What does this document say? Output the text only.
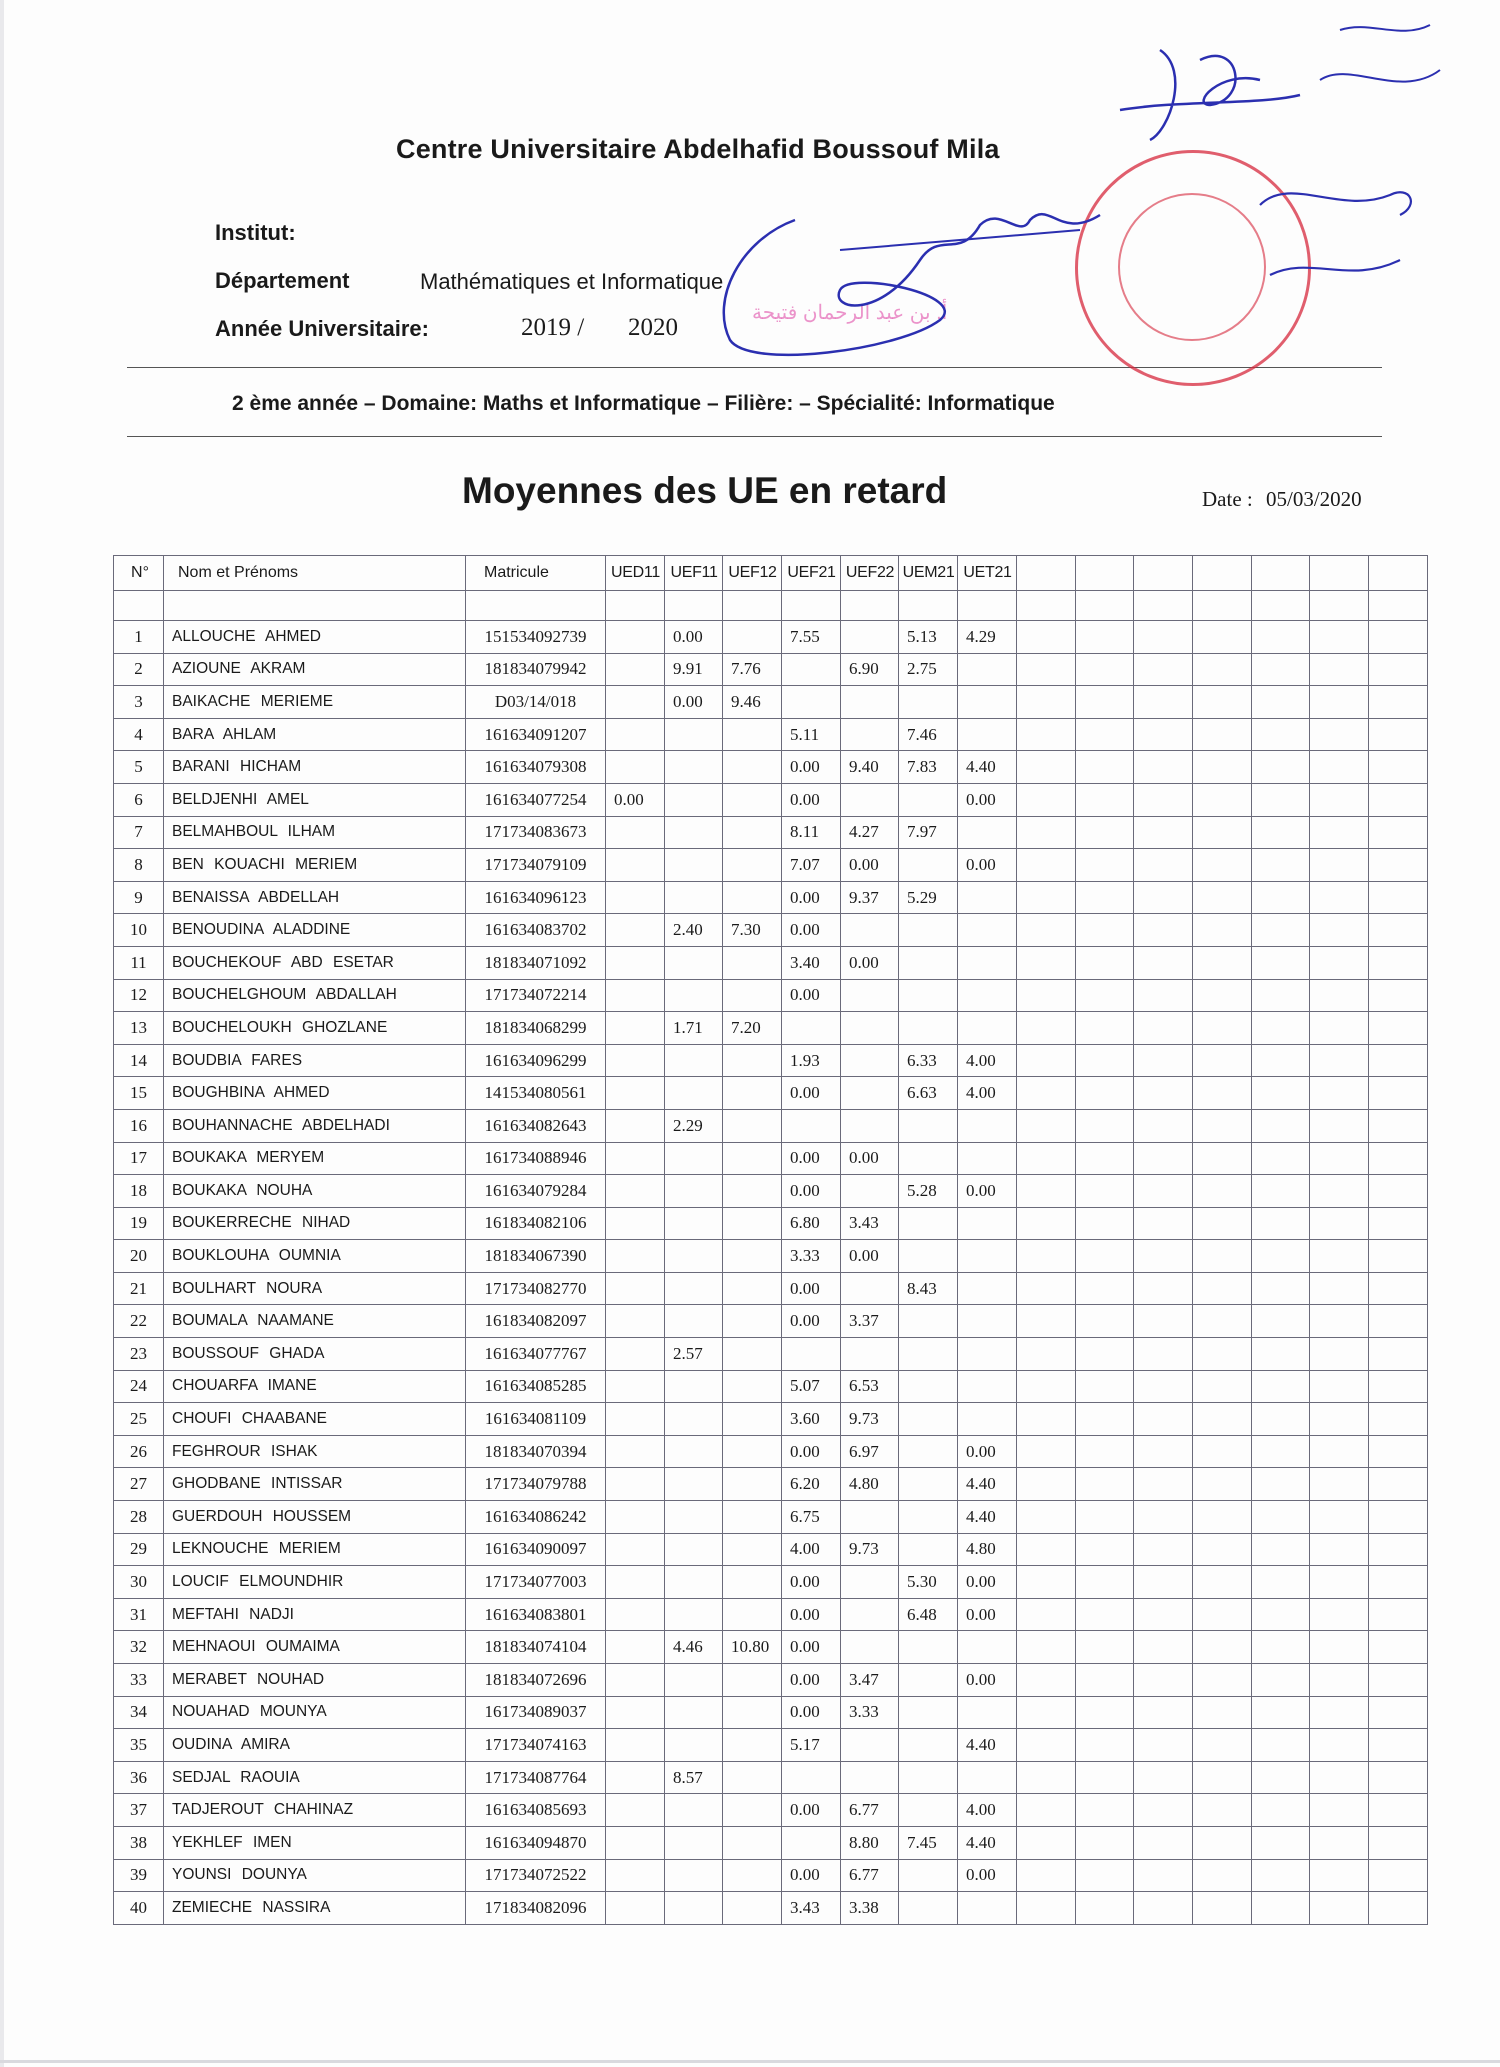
Centre Universitaire Abdelhafid Boussouf Mila
Institut:
Département	Mathématiques et Informatique
Année Universitaire:	2019 / 2020
2 ème année – Domaine: Maths et Informatique – Filière: – Spécialité: Informatique
Moyennes des UE en retard	Date : 05/03/2020
أ. بن عبد الرحمان فتيحة
N°	Nom et Prénoms	Matricule	UED11	UEF11	UEF12	UEF21	UEF22	UEM21	UET21							

1	ALLOUCHE AHMED	151534092739		0.00		7.55		5.13	4.29							
2	AZIOUNE AKRAM	181834079942		9.91	7.76		6.90	2.75								
3	BAIKACHE MERIEME	D03/14/018		0.00	9.46											
4	BARA AHLAM	161634091207				5.11		7.46								
5	BARANI HICHAM	161634079308				0.00	9.40	7.83	4.40							
6	BELDJENHI AMEL	161634077254	0.00			0.00			0.00							
7	BELMAHBOUL ILHAM	171734083673				8.11	4.27	7.97								
8	BEN KOUACHI MERIEM	171734079109				7.07	0.00		0.00							
9	BENAISSA ABDELLAH	161634096123				0.00	9.37	5.29								
10	BENOUDINA ALADDINE	161634083702		2.40	7.30	0.00										
11	BOUCHEKOUF ABD ESETAR	181834071092				3.40	0.00									
12	BOUCHELGHOUM ABDALLAH	171734072214				0.00										
13	BOUCHELOUKH GHOZLANE	181834068299		1.71	7.20											
14	BOUDBIA FARES	161634096299				1.93		6.33	4.00							
15	BOUGHBINA AHMED	141534080561				0.00		6.63	4.00							
16	BOUHANNACHE ABDELHADI	161634082643		2.29												
17	BOUKAKA MERYEM	161734088946				0.00	0.00									
18	BOUKAKA NOUHA	161634079284				0.00		5.28	0.00							
19	BOUKERRECHE NIHAD	161834082106				6.80	3.43									
20	BOUKLOUHA OUMNIA	181834067390				3.33	0.00									
21	BOULHART NOURA	171734082770				0.00		8.43								
22	BOUMALA NAAMANE	161834082097				0.00	3.37									
23	BOUSSOUF GHADA	161634077767		2.57												
24	CHOUARFA IMANE	161634085285				5.07	6.53									
25	CHOUFI CHAABANE	161634081109				3.60	9.73									
26	FEGHROUR ISHAK	181834070394				0.00	6.97		0.00							
27	GHODBANE INTISSAR	171734079788				6.20	4.80		4.40							
28	GUERDOUH HOUSSEM	161634086242				6.75			4.40							
29	LEKNOUCHE MERIEM	161634090097				4.00	9.73		4.80							
30	LOUCIF ELMOUNDHIR	171734077003				0.00		5.30	0.00							
31	MEFTAHI NADJI	161634083801				0.00		6.48	0.00							
32	MEHNAOUI OUMAIMA	181834074104		4.46	10.80	0.00										
33	MERABET NOUHAD	181834072696				0.00	3.47		0.00							
34	NOUAHAD MOUNYA	161734089037				0.00	3.33									
35	OUDINA AMIRA	171734074163				5.17			4.40							
36	SEDJAL RAOUIA	171734087764		8.57												
37	TADJEROUT CHAHINAZ	161634085693				0.00	6.77		4.00							
38	YEKHLEF IMEN	161634094870					8.80	7.45	4.40							
39	YOUNSI DOUNYA	171734072522				0.00	6.77		0.00							
40	ZEMIECHE NASSIRA	171834082096				3.43	3.38									
